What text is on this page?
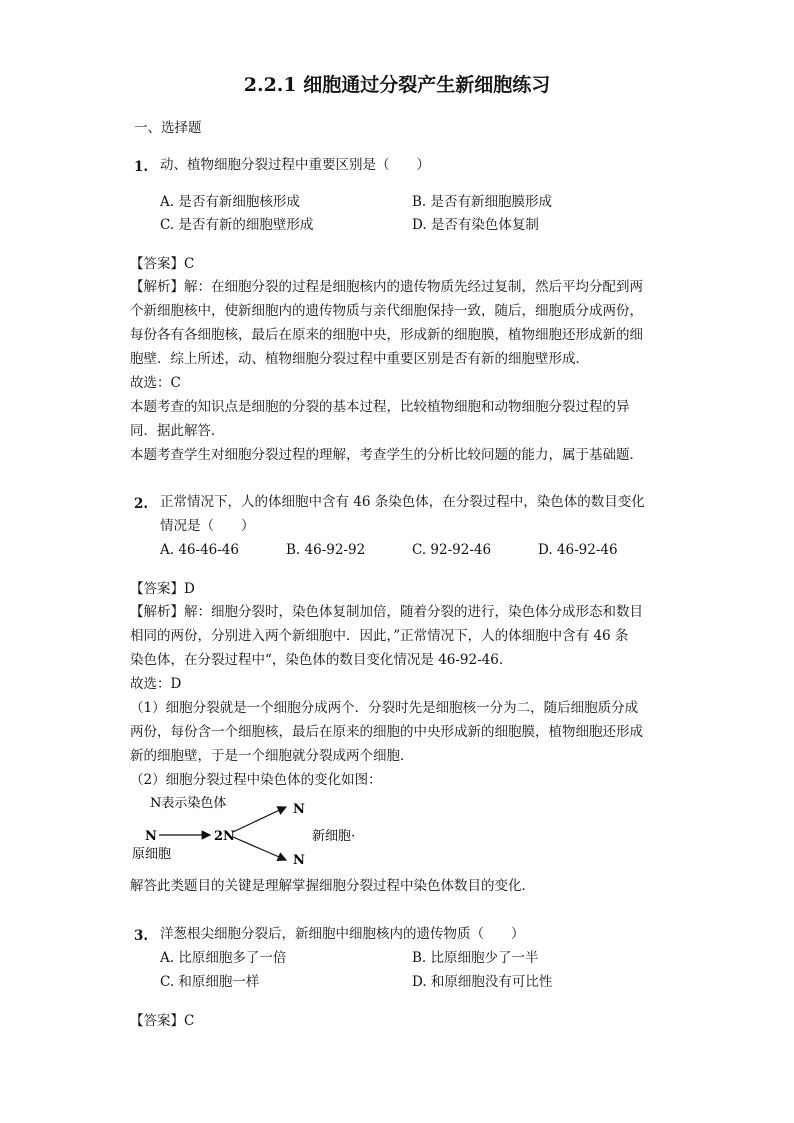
2.2.1 细胞通过分裂产生新细胞练习
一、选择题
1. 动、植物细胞分裂过程中重要区别是（　　）
A. 是否有新细胞核形成	B. 是否有新细胞膜形成
C. 是否有新的细胞壁形成	D. 是否有染色体复制
【答案】C
【解析】解：在细胞分裂的过程是细胞核内的遗传物质先经过复制，然后平均分配到两
个新细胞核中，使新细胞内的遗传物质与亲代细胞保持一致，随后，细胞质分成两份，
每份各有各细胞核，最后在原来的细胞中央，形成新的细胞膜，植物细胞还形成新的细
胞壁．综上所述，动、植物细胞分裂过程中重要区别是否有新的细胞壁形成．
故选：C
本题考查的知识点是细胞的分裂的基本过程，比较植物细胞和动物细胞分裂过程的异
同．据此解答．
本题考查学生对细胞分裂过程的理解，考查学生的分析比较问题的能力，属于基础题．
2. 正常情况下，人的体细胞中含有 46 条染色体，在分裂过程中，染色体的数目变化
情况是（　　）
A. 46-46-46	B. 46-92-92	C. 92-92-46	D. 46-92-46
【答案】D
【解析】解：细胞分裂时，染色体复制加倍，随着分裂的进行，染色体分成形态和数目
相同的两份，分别进入两个新细胞中．因此，”正常情况下，人的体细胞中含有 46 条
染色体，在分裂过程中“，染色体的数目变化情况是 46-92-46．
故选：D
（1）细胞分裂就是一个细胞分成两个．分裂时先是细胞核一分为二，随后细胞质分成
两份，每份含一个细胞核，最后在原来的细胞的中央形成新的细胞膜，植物细胞还形成
新的细胞壁，于是一个细胞就分裂成两个细胞．
（2）细胞分裂过程中染色体的变化如图：
N表示染色体
N	2N
N
N
新细胞·
原细胞
解答此类题目的关键是理解掌握细胞分裂过程中染色体数目的变化．
3. 洋葱根尖细胞分裂后，新细胞中细胞核内的遗传物质（　　）
A. 比原细胞多了一倍	B. 比原细胞少了一半
C. 和原细胞一样	D. 和原细胞没有可比性
【答案】C
